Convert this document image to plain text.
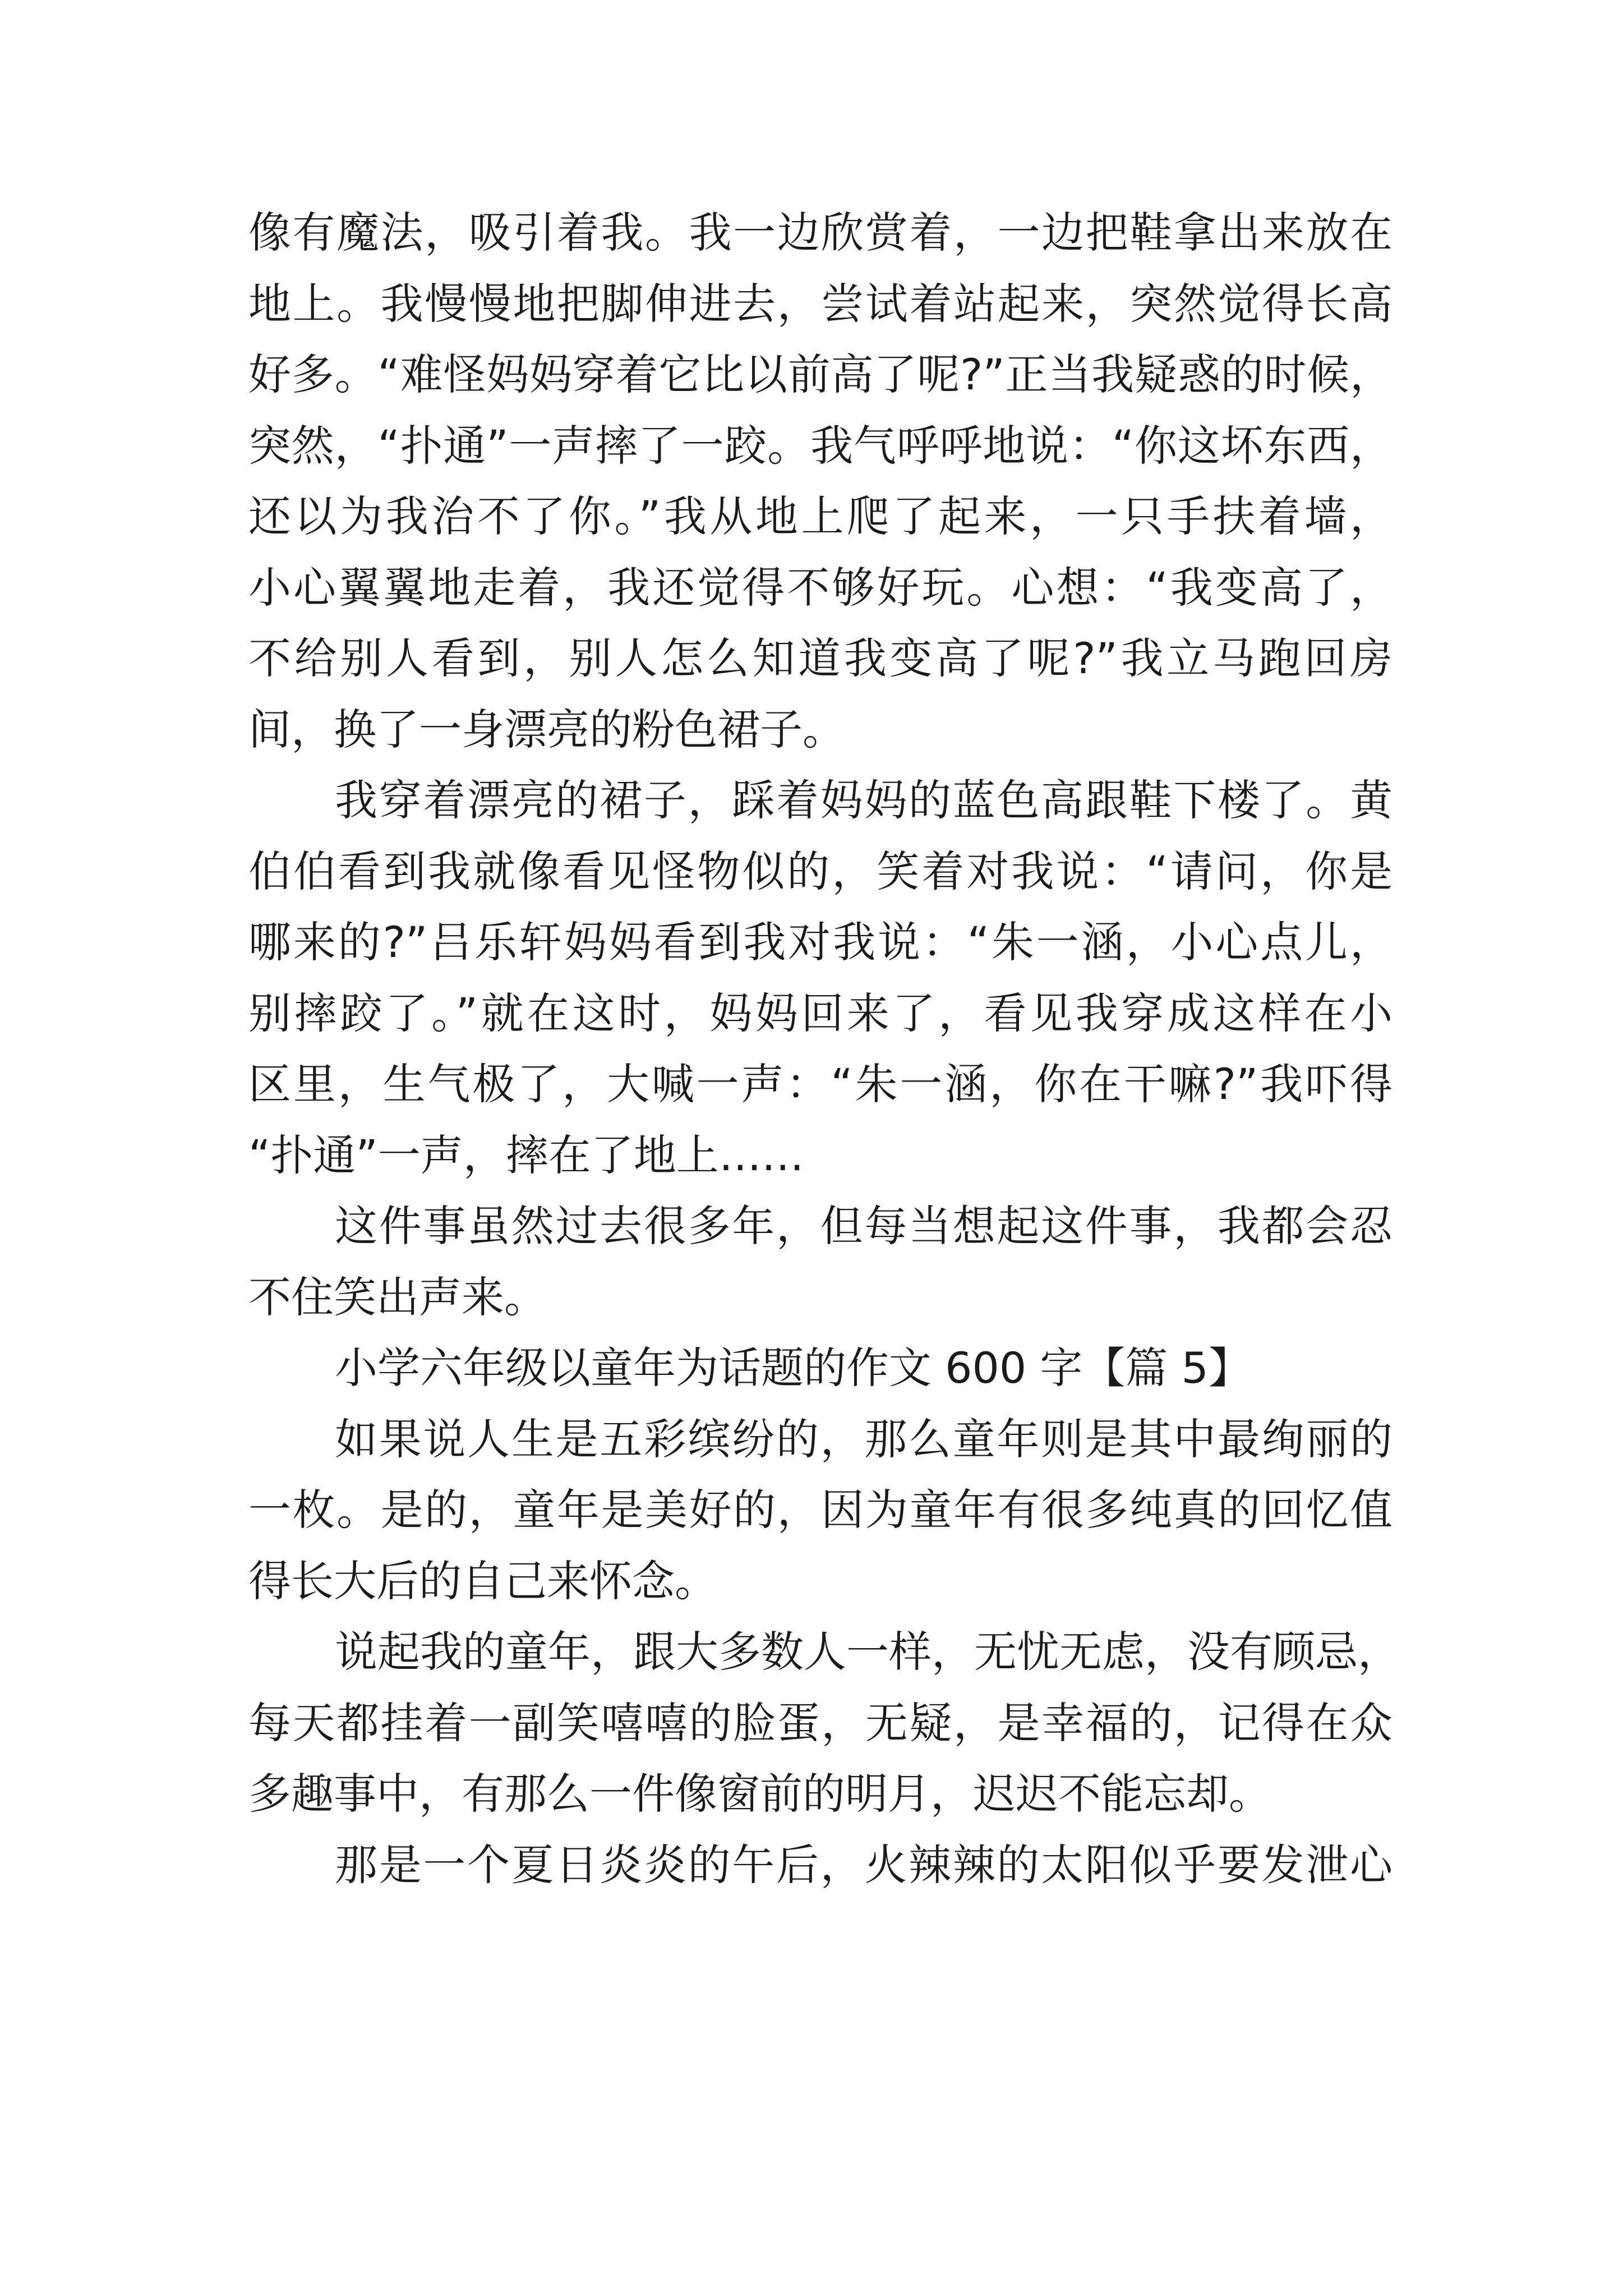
像有魔法，吸引着我。我一边欣赏着，一边把鞋拿出来放在
地上。我慢慢地把脚伸进去，尝试着站起来，突然觉得长高
好多。“难怪妈妈穿着它比以前高了呢?”正当我疑惑的时候，
突然，“扑通”一声摔了一跤。我气呼呼地说：“你这坏东西，
还以为我治不了你。”我从地上爬了起来，一只手扶着墙，
小心翼翼地走着，我还觉得不够好玩。心想：“我变高了，
不给别人看到，别人怎么知道我变高了呢?”我立马跑回房
间，换了一身漂亮的粉色裙子。
我穿着漂亮的裙子，踩着妈妈的蓝色高跟鞋下楼了。黄
伯伯看到我就像看见怪物似的，笑着对我说：“请问，你是
哪来的?”吕乐轩妈妈看到我对我说：“朱一涵，小心点儿，
别摔跤了。”就在这时，妈妈回来了，看见我穿成这样在小
区里，生气极了，大喊一声：“朱一涵，你在干嘛?”我吓得
“扑通”一声，摔在了地上……
这件事虽然过去很多年，但每当想起这件事，我都会忍
不住笑出声来。
小学六年级以童年为话题的作文 600 字【篇 5】
如果说人生是五彩缤纷的，那么童年则是其中最绚丽的
一枚。是的，童年是美好的，因为童年有很多纯真的回忆值
得长大后的自己来怀念。
说起我的童年，跟大多数人一样，无忧无虑，没有顾忌，
每天都挂着一副笑嘻嘻的脸蛋，无疑，是幸福的，记得在众
多趣事中，有那么一件像窗前的明月，迟迟不能忘却。
那是一个夏日炎炎的午后，火辣辣的太阳似乎要发泄心
